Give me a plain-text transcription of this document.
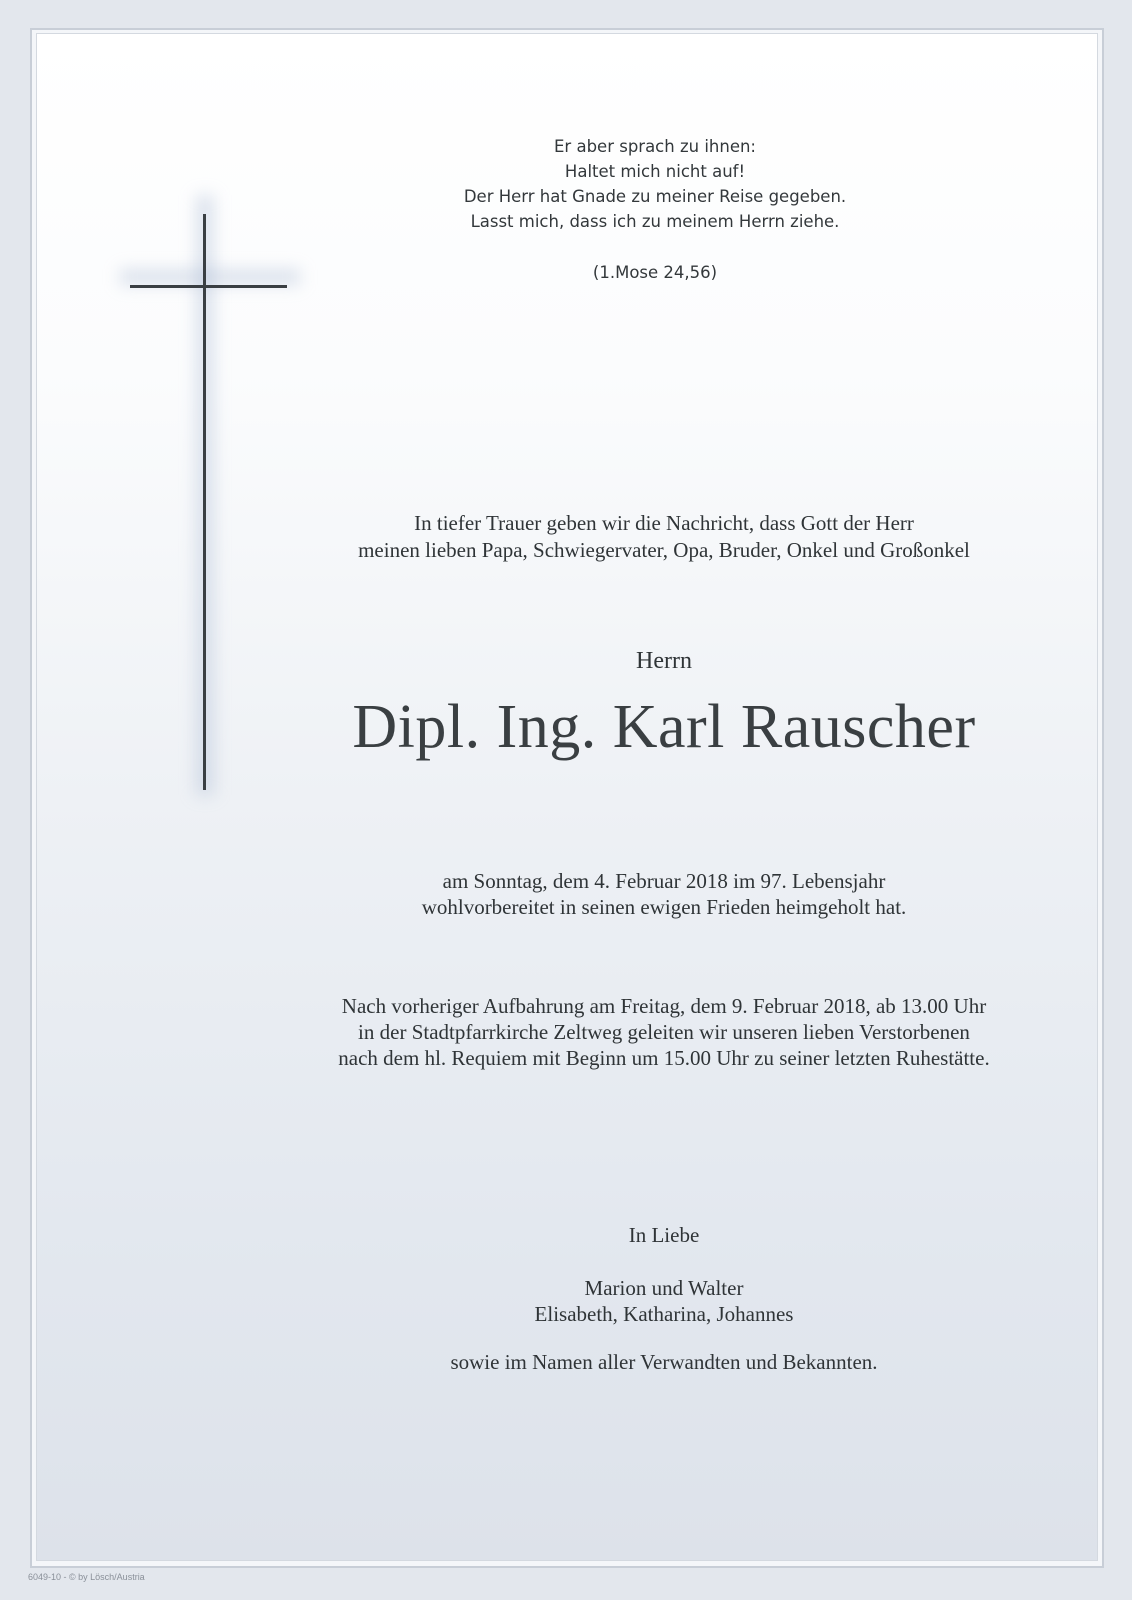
Er aber sprach zu ihnen:
Haltet mich nicht auf!
Der Herr hat Gnade zu meiner Reise gegeben.
Lasst mich, dass ich zu meinem Herrn ziehe.
(1.Mose 24,56)
In tiefer Trauer geben wir die Nachricht, dass Gott der Herr
meinen lieben Papa, Schwiegervater, Opa, Bruder, Onkel und Großonkel
Herrn
Dipl. Ing. Karl Rauscher
am Sonntag, dem 4. Februar 2018 im 97. Lebensjahr
wohlvorbereitet in seinen ewigen Frieden heimgeholt hat.
Nach vorheriger Aufbahrung am Freitag, dem 9. Februar 2018, ab 13.00 Uhr
in der Stadtpfarrkirche Zeltweg geleiten wir unseren lieben Verstorbenen
nach dem hl. Requiem mit Beginn um 15.00 Uhr zu seiner letzten Ruhestätte.
In Liebe
Marion und Walter
Elisabeth, Katharina, Johannes
sowie im Namen aller Verwandten und Bekannten.
6049-10 - © by Lösch/Austria
